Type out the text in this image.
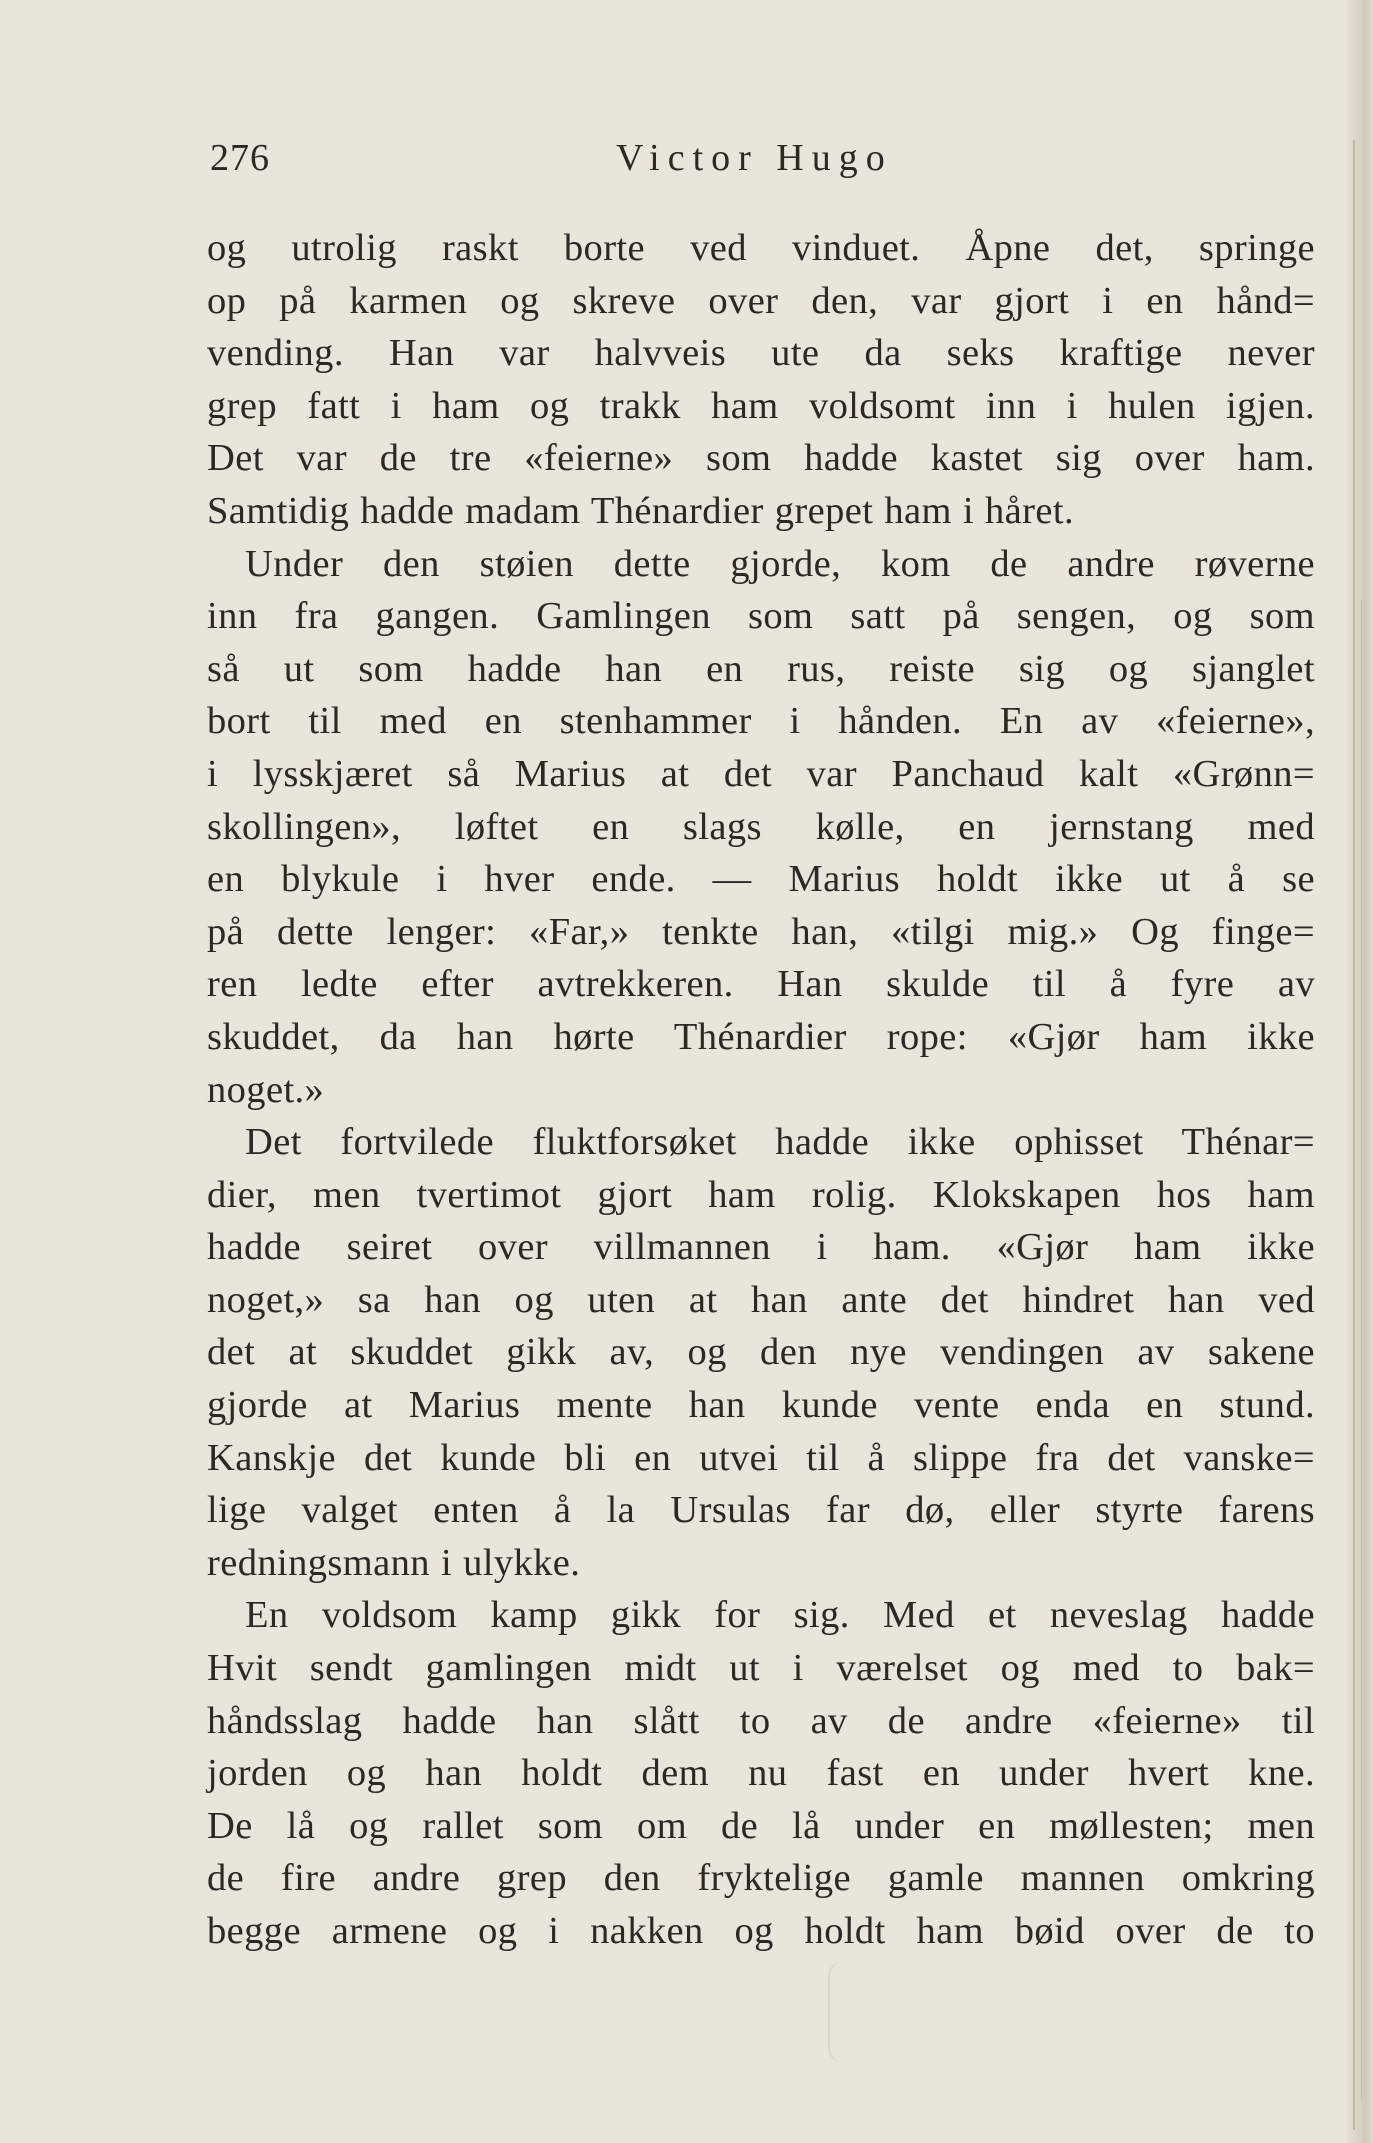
276	Victor Hugo
og utrolig raskt borte ved vinduet. Åpne det, springe
op på karmen og skreve over den, var gjort i en hånd=
vending. Han var halvveis ute da seks kraftige never
grep fatt i ham og trakk ham voldsomt inn i hulen igjen.
Det var de tre «feierne» som hadde kastet sig over ham.
Samtidig hadde madam Thénardier grepet ham i håret.
Under den støien dette gjorde, kom de andre røverne
inn fra gangen. Gamlingen som satt på sengen, og som
så ut som hadde han en rus, reiste sig og sjanglet
bort til med en stenhammer i hånden. En av «feierne»,
i lysskjæret så Marius at det var Panchaud kalt «Grønn=
skollingen», løftet en slags kølle, en jernstang med
en blykule i hver ende. — Marius holdt ikke ut å se
på dette lenger: «Far,» tenkte han, «tilgi mig.» Og finge=
ren ledte efter avtrekkeren. Han skulde til å fyre av
skuddet, da han hørte Thénardier rope: «Gjør ham ikke
noget.»
Det fortvilede fluktforsøket hadde ikke ophisset Thénar=
dier, men tvertimot gjort ham rolig. Klokskapen hos ham
hadde seiret over villmannen i ham. «Gjør ham ikke
noget,» sa han og uten at han ante det hindret han ved
det at skuddet gikk av, og den nye vendingen av sakene
gjorde at Marius mente han kunde vente enda en stund.
Kanskje det kunde bli en utvei til å slippe fra det vanske=
lige valget enten å la Ursulas far dø, eller styrte farens
redningsmann i ulykke.
En voldsom kamp gikk for sig. Med et neveslag hadde
Hvit sendt gamlingen midt ut i værelset og med to bak=
håndsslag hadde han slått to av de andre «feierne» til
jorden og han holdt dem nu fast en under hvert kne.
De lå og rallet som om de lå under en møllesten; men
de fire andre grep den fryktelige gamle mannen omkring
begge armene og i nakken og holdt ham bøid over de to
